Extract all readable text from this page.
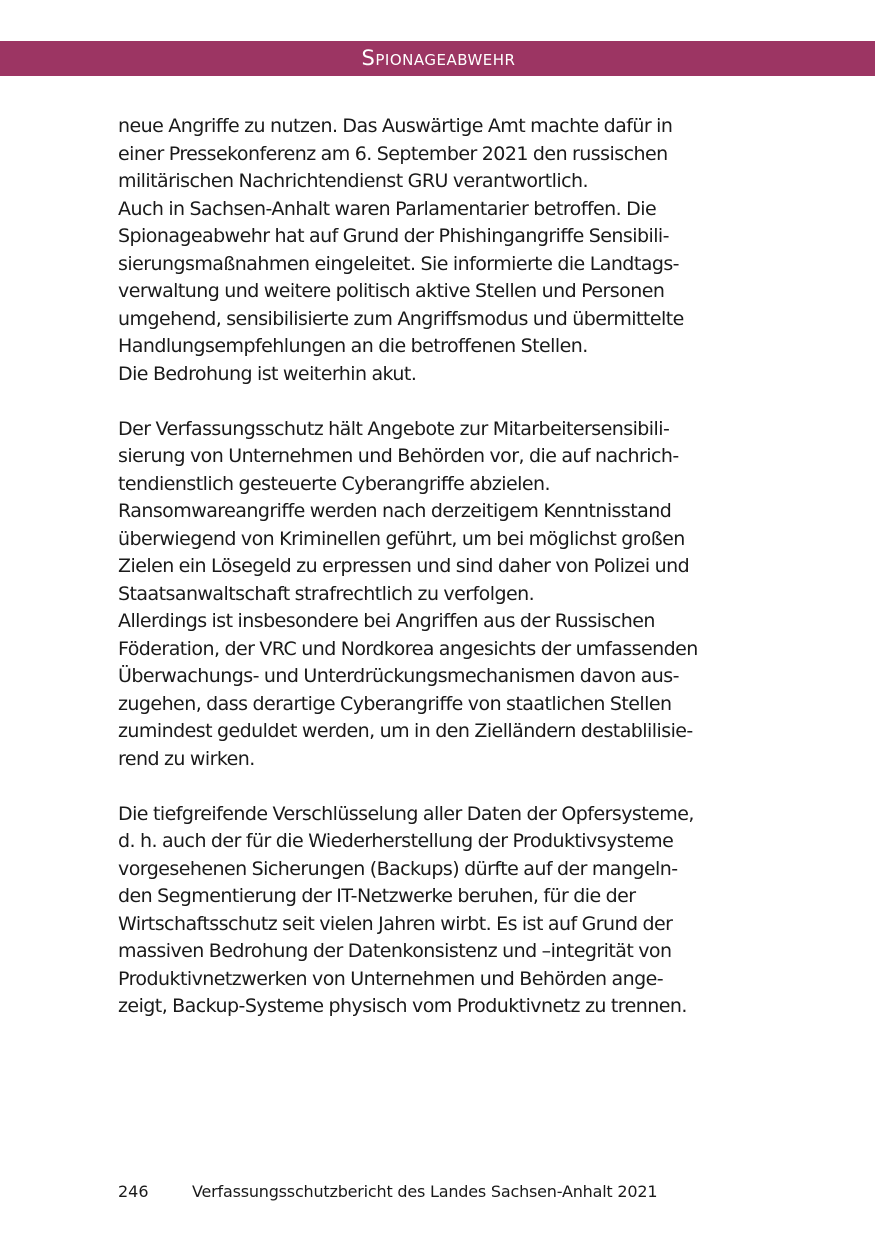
Spionageabwehr
neue Angriffe zu nutzen. Das Auswärtige Amt machte dafür in
einer Pressekonferenz am 6. September 2021 den russischen
militärischen Nachrichtendienst GRU verantwortlich.
Auch in Sachsen-Anhalt waren Parlamentarier betroffen. Die
Spionageabwehr hat auf Grund der Phishingangriffe Sensibili-
sierungsmaßnahmen eingeleitet. Sie informierte die Landtags-
verwaltung und weitere politisch aktive Stellen und Personen
umgehend, sensibilisierte zum Angriffsmodus und übermittelte
Handlungsempfehlungen an die betroffenen Stellen.
Die Bedrohung ist weiterhin akut.
Der Verfassungsschutz hält Angebote zur Mitarbeitersensibili-
sierung von Unternehmen und Behörden vor, die auf nachrich-
tendienstlich gesteuerte Cyberangriffe abzielen.
Ransomwareangriffe werden nach derzeitigem Kenntnisstand
überwiegend von Kriminellen geführt, um bei möglichst großen
Zielen ein Lösegeld zu erpressen und sind daher von Polizei und
Staatsanwaltschaft strafrechtlich zu verfolgen.
Allerdings ist insbesondere bei Angriffen aus der Russischen
Föderation, der VRC und Nordkorea angesichts der umfassenden
Überwachungs- und Unterdrückungsmechanismen davon aus-
zugehen, dass derartige Cyberangriffe von staatlichen Stellen
zumindest geduldet werden, um in den Zielländern destablilisie-
rend zu wirken.
Die tiefgreifende Verschlüsselung aller Daten der Opfersysteme,
d. h. auch der für die Wiederherstellung der Produktivsysteme
vorgesehenen Sicherungen (Backups) dürfte auf der mangeln-
den Segmentierung der IT-Netzwerke beruhen, für die der
Wirtschaftsschutz seit vielen Jahren wirbt. Es ist auf Grund der
massiven Bedrohung der Datenkonsistenz und –integrität von
Produktivnetzwerken von Unternehmen und Behörden ange-
zeigt, Backup-Systeme physisch vom Produktivnetz zu trennen.
246	Verfassungsschutzbericht des Landes Sachsen-Anhalt 2021
